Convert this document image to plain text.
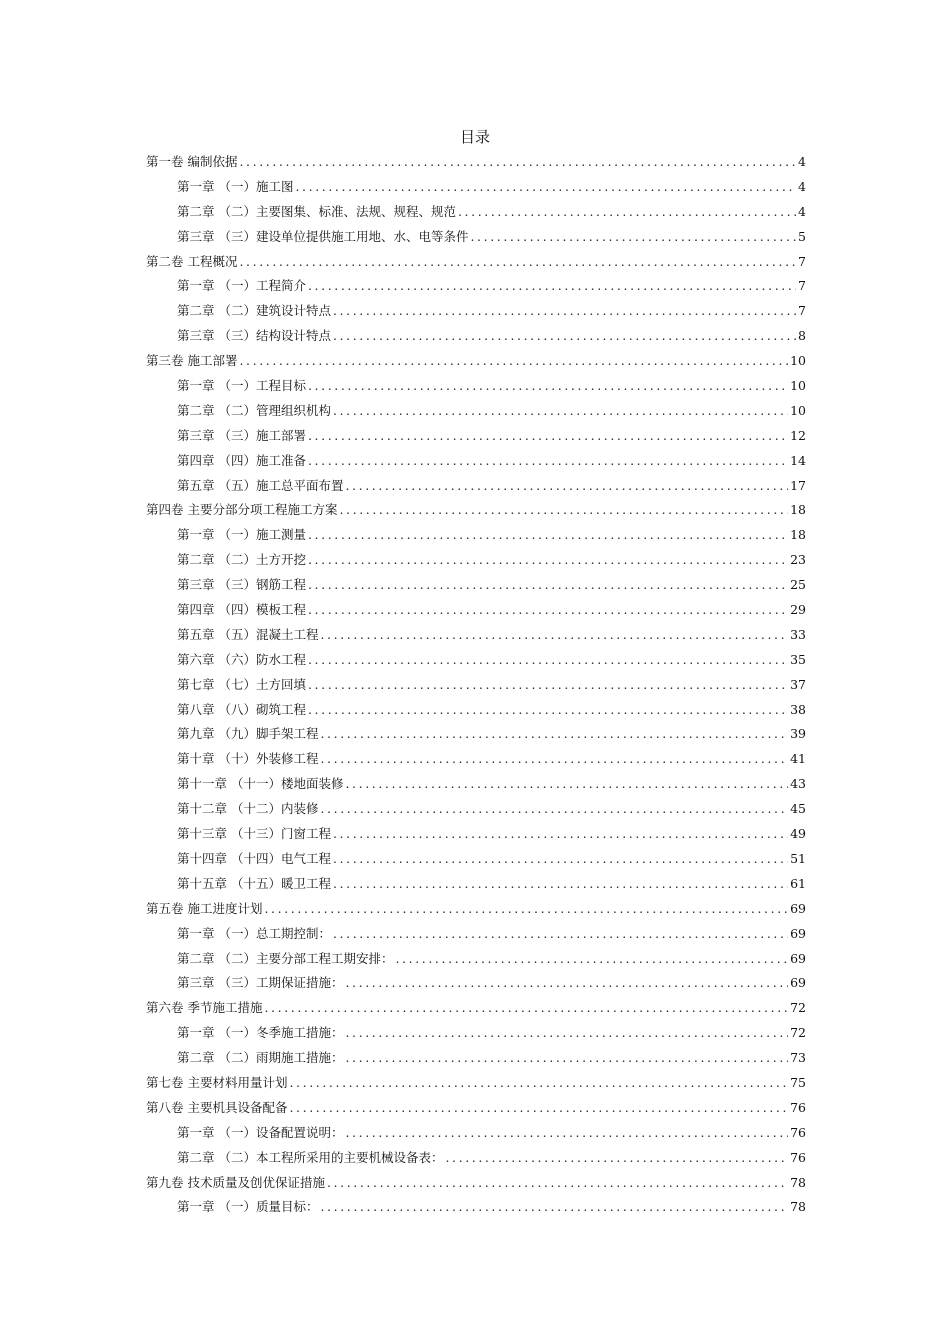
目录
第一卷 编制依据 .....	4
第一章 （一）施工图 .....	4
第二章 （二）主要图集、标准、法规、规程、规范 .....	4
第三章 （三）建设单位提供施工用地、水、电等条件 .....	5
第二卷 工程概况 .....	7
第一章 （一）工程简介 .....	7
第二章 （二）建筑设计特点 .....	7
第三章 （三）结构设计特点 .....	8
第三卷 施工部署 .....	10
第一章 （一）工程目标 .....	10
第二章 （二）管理组织机构 .....	10
第三章 （三）施工部署 .....	12
第四章 （四）施工准备 .....	14
第五章 （五）施工总平面布置 .....	17
第四卷 主要分部分项工程施工方案 .....	18
第一章 （一）施工测量 .....	18
第二章 （二）土方开挖 .....	23
第三章 （三）钢筋工程 .....	25
第四章 （四）模板工程 .....	29
第五章 （五）混凝土工程 .....	33
第六章 （六）防水工程 .....	35
第七章 （七）土方回填 .....	37
第八章 （八）砌筑工程 .....	38
第九章 （九）脚手架工程 .....	39
第十章 （十）外装修工程 .....	41
第十一章 （十一）楼地面装修 .....	43
第十二章 （十二）内装修 .....	45
第十三章 （十三）门窗工程 .....	49
第十四章 （十四）电气工程 .....	51
第十五章 （十五）暖卫工程 .....	61
第五卷 施工进度计划 .....	69
第一章 （一）总工期控制： .....	69
第二章 （二）主要分部工程工期安排： .....	69
第三章 （三）工期保证措施： .....	69
第六卷 季节施工措施 .....	72
第一章 （一）冬季施工措施： .....	72
第二章 （二）雨期施工措施： .....	73
第七卷 主要材料用量计划 .....	75
第八卷 主要机具设备配备 .....	76
第一章 （一）设备配置说明： .....	76
第二章 （二）本工程所采用的主要机械设备表： .....	76
第九卷 技术质量及创优保证措施 .....	78
第一章 （一）质量目标： .....	78
